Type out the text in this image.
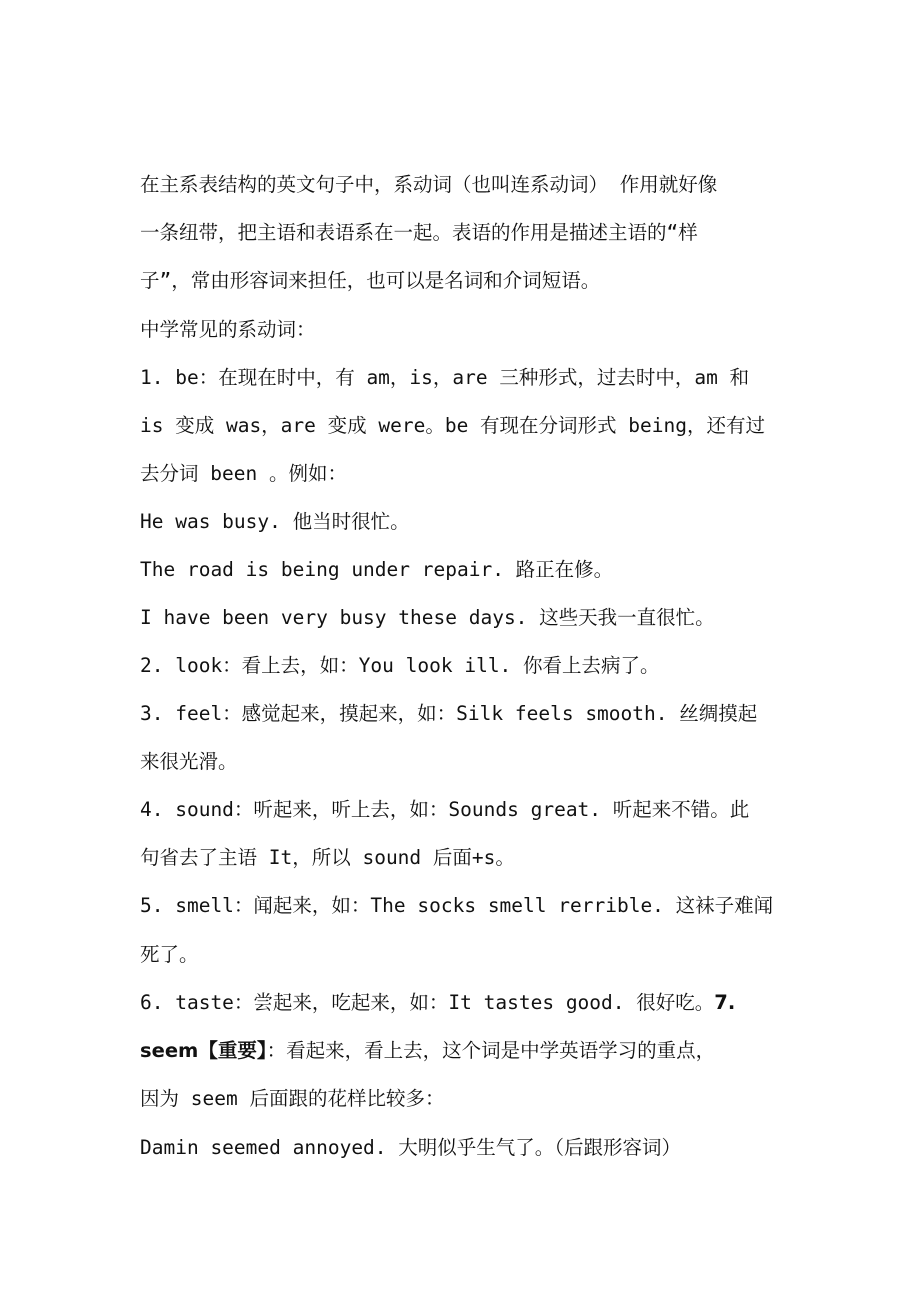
在主系表结构的英文句子中，系动词（也叫连系动词） 作用就好像
一条纽带，把主语和表语系在一起。表语的作用是描述主语的“样
子”，常由形容词来担任，也可以是名词和介词短语。
中学常见的系动词：
1. be：在现在时中，有 am，is，are 三种形式，过去时中，am 和
is 变成 was，are 变成 were。be 有现在分词形式 being，还有过
去分词 been 。例如：
He was busy. 他当时很忙。
The road is being under repair. 路正在修。
I have been very busy these days. 这些天我一直很忙。
2. look：看上去，如：You look ill. 你看上去病了。
3. feel：感觉起来，摸起来，如：Silk feels smooth. 丝绸摸起
来很光滑。
4. sound：听起来，听上去，如：Sounds great. 听起来不错。此
句省去了主语 It，所以 sound 后面+s。
5. smell：闻起来，如：The socks smell rerrible. 这袜子难闻
死了。
6. taste：尝起来，吃起来，如：It tastes good. 很好吃。7.
seem【重要】：看起来，看上去，这个词是中学英语学习的重点，
因为 seem 后面跟的花样比较多：
Damin seemed annoyed. 大明似乎生气了。（后跟形容词）
